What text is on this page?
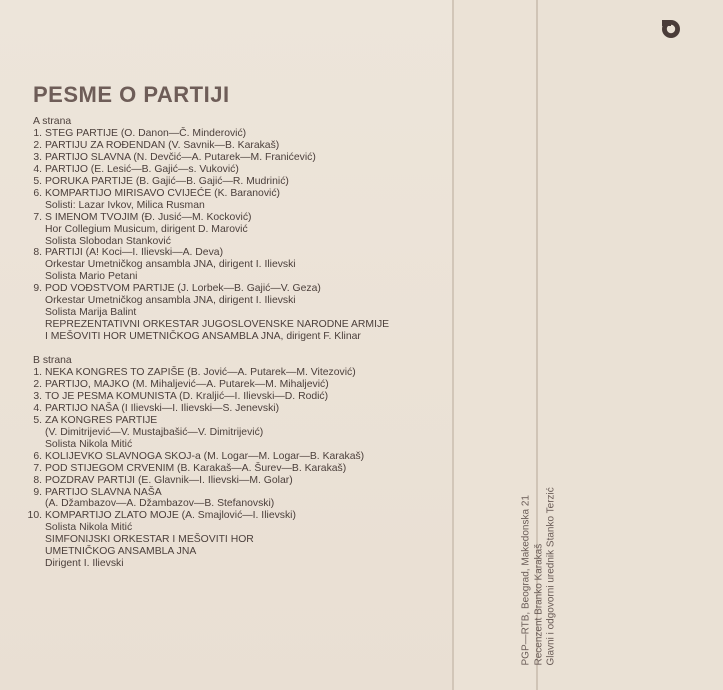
PESME O PARTIJI
A strana
1. STEG PARTIJE (O. Danon—Č. Minderović)
2. PARTIJU ZA ROĐENDAN (V. Savnik—B. Karakaš)
3. PARTIJO SLAVNA (N. Devčić—A. Putarek—M. Franićević)
4. PARTIJO (E. Lesić—B. Gajić—s. Vuković)
5. PORUKA PARTIJE (B. Gajić—B. Gajić—R. Mudrinić)
6. KOMPARTIJO MIRISAVO CVIJEĆE (K. Baranović)
Solisti: Lazar Ivkov, Milica Rusman
7. S IMENOM TVOJIM (Đ. Jusić—M. Kocković)
Hor Collegium Musicum, dirigent D. Marović
Solista Slobodan Stanković
8. PARTIJI (A! Koci—I. Ilievski—A. Deva)
Orkestar Umetničkog ansambla JNA, dirigent I. Ilievski
Solista Mario Petani
9. POD VOĐSTVOM PARTIJE (J. Lorbek—B. Gajić—V. Geza)
Orkestar Umetničkog ansambla JNA, dirigent I. Ilievski
Solista Marija Balint
REPREZENTATIVNI ORKESTAR JUGOSLOVENSKE NARODNE ARMIJE
I MEŠOVITI HOR UMETNIČKOG ANSAMBLA JNA, dirigent F. Klinar
B strana
1. NEKA KONGRES TO ZAPIŠE (B. Jović—A. Putarek—M. Vitezović)
2. PARTIJO, MAJKO (M. Mihaljević—A. Putarek—M. Mihaljević)
3. TO JE PESMA KOMUNISTA (D. Kraljić—I. Ilievski—D. Rodić)
4. PARTIJO NAŠA (I Ilievski—I. Ilievski—S. Jenevski)
5. ZA KONGRES PARTIJE
(V. Dimitrijević—V. Mustajbašić—V. Dimitrijević)
Solista Nikola Mitić
6. KOLIJEVKO SLAVNOGA SKOJ-a (M. Logar—M. Logar—B. Karakaš)
7. POD STIJEGOM CRVENIM (B. Karakaš—A. Šurev—B. Karakaš)
8. POZDRAV PARTIJI (E. Glavnik—I. Ilievski—M. Golar)
9. PARTIJO SLAVNA NAŠA
(A. Džambazov—A. Džambazov—B. Stefanovski)
10. KOMPARTIJO ZLATO MOJE (A. Smajlović—I. Ilievski)
Solista Nikola Mitić
SIMFONIJSKI ORKESTAR I MEŠOVITI HOR
UMETNIČKOG ANSAMBLA JNA
Dirigent I. Ilievski	PGP—RTB, Beograd, Makedonska 21 Recenzent Branko Karakaš Glavni i odgovorni urednik Stanko Terzić
